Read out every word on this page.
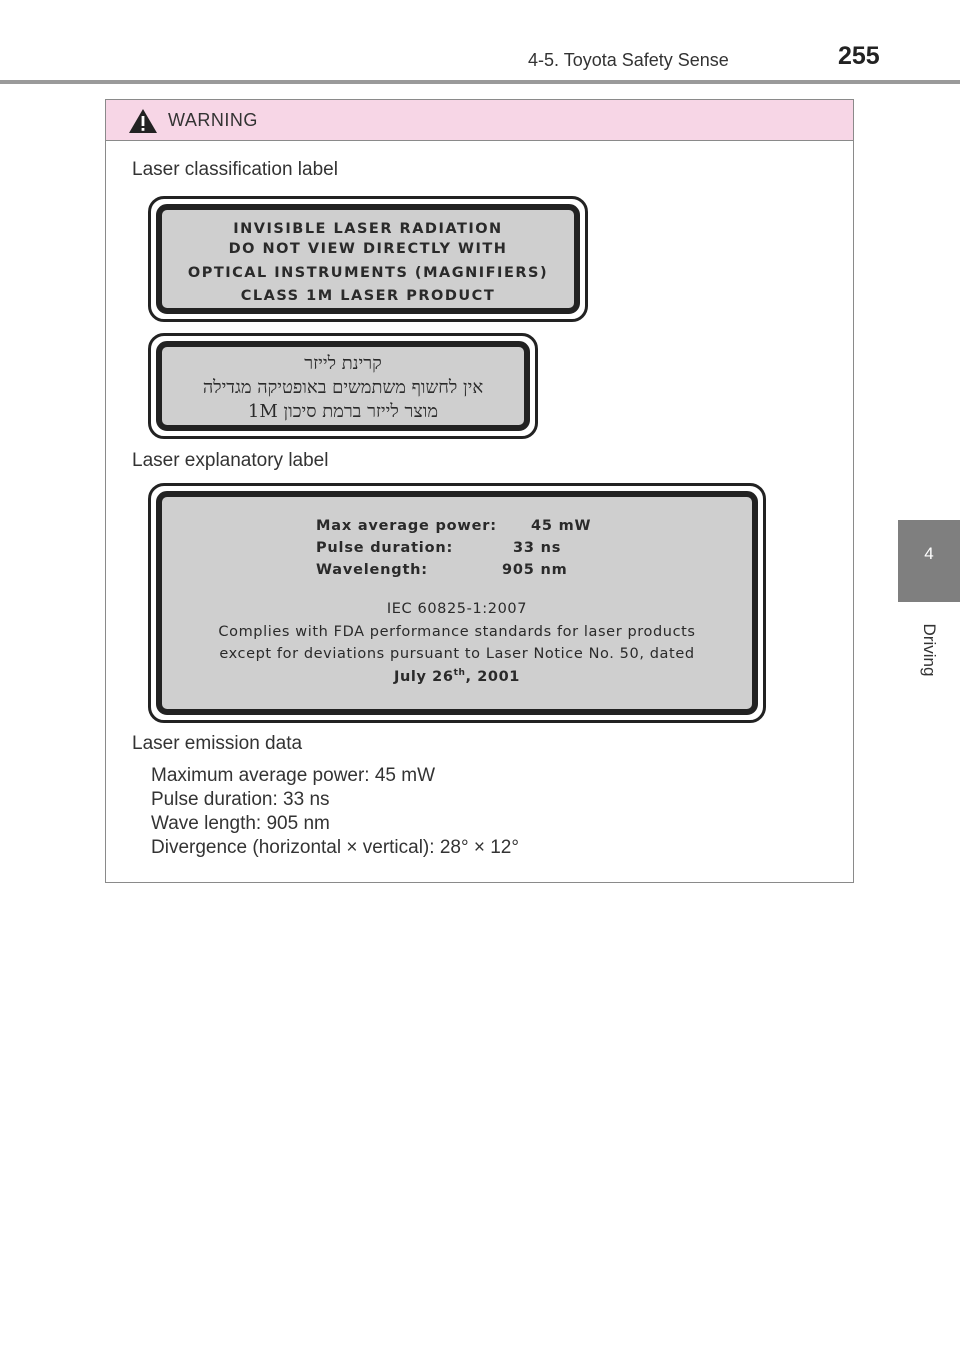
4-5. Toyota Safety Sense	255
4
Driving
WARNING
Laser classification label
INVISIBLE LASER RADIATION
DO NOT VIEW DIRECTLY WITH
OPTICAL INSTRUMENTS (MAGNIFIERS)
CLASS 1M LASER PRODUCT
קרינת לייזר
אין לחשוף משתמשים באופטיקה מגדילה
מוצר לייזר ברמת סיכון 1M
Laser explanatory label
Max average power: 45 mW
Pulse duration:	33 ns
Wavelength:	905 nm
IEC 60825-1:2007
Complies with FDA performance standards for laser products
except for deviations pursuant to Laser Notice No. 50, dated
July 26th, 2001
Laser emission data
Maximum average power: 45 mW
Pulse duration: 33 ns
Wave length: 905 nm
Divergence (horizontal × vertical): 28° × 12°
